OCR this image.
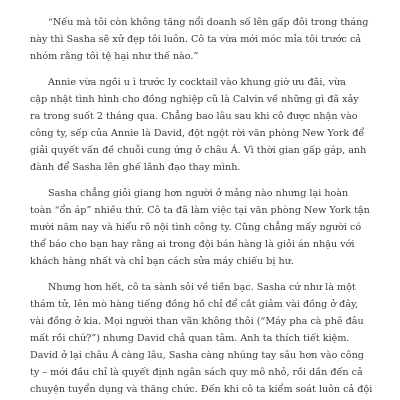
“Nếu mà tôi còn không tăng nổi doanh số lên gấp đôi trong tháng
này thì Sasha sẽ xử đẹp tôi luôn. Cô ta vừa mới móc mỉa tôi trước cả
nhóm rằng tôi tệ hại như thế nào.”

Annie vừa ngồi u ì trước ly cocktail vào khung giờ ưu đãi, vừa
cập nhật tình hình cho đồng nghiệp cũ là Calvin về những gì đã xảy
ra trong suốt 2 tháng qua. Chẳng bao lâu sau khi cô được nhận vào
công ty, sếp của Annie là David, đột ngột rời văn phòng New York để
giải quyết vấn đề chuỗi cung ứng ở châu Á. Vì thời gian gấp gáp, anh
đành để Sasha lên ghế lãnh đạo thay mình.

Sasha chẳng giỏi giang hơn người ở mảng nào nhưng lại hoàn
toàn “ổn áp” nhiều thứ. Cô ta đã làm việc tại văn phòng New York tận
mười năm nay và hiểu rõ nội tình công ty. Cũng chẳng mấy người có
thể báo cho bạn hay rằng ai trong đội bán hàng là giỏi án nhậu với
khách hàng nhất và chỉ bạn cách sửa máy chiếu bị hư.

Nhưng hơn hết, cô ta sành sỏi về tiền bạc. Sasha cứ như là một
thám tử, lên mò hàng tiếng đồng hồ chỉ để cắt giảm vài đồng ở đây,
vài đồng ở kia. Mọi người than vãn không thôi (“Máy pha cà phê đâu
mất rồi chứ?”) nhưng David chả quan tâm. Anh ta thích tiết kiệm.
David ở lại châu Á càng lâu, Sasha càng nhúng tay sâu hơn vào công
ty – mới đầu chỉ là quyết định ngân sách quy mô nhỏ, rồi dần đến cả
chuyện tuyển dụng và thăng chức. Đến khi cô ta kiểm soát luôn cả đội
